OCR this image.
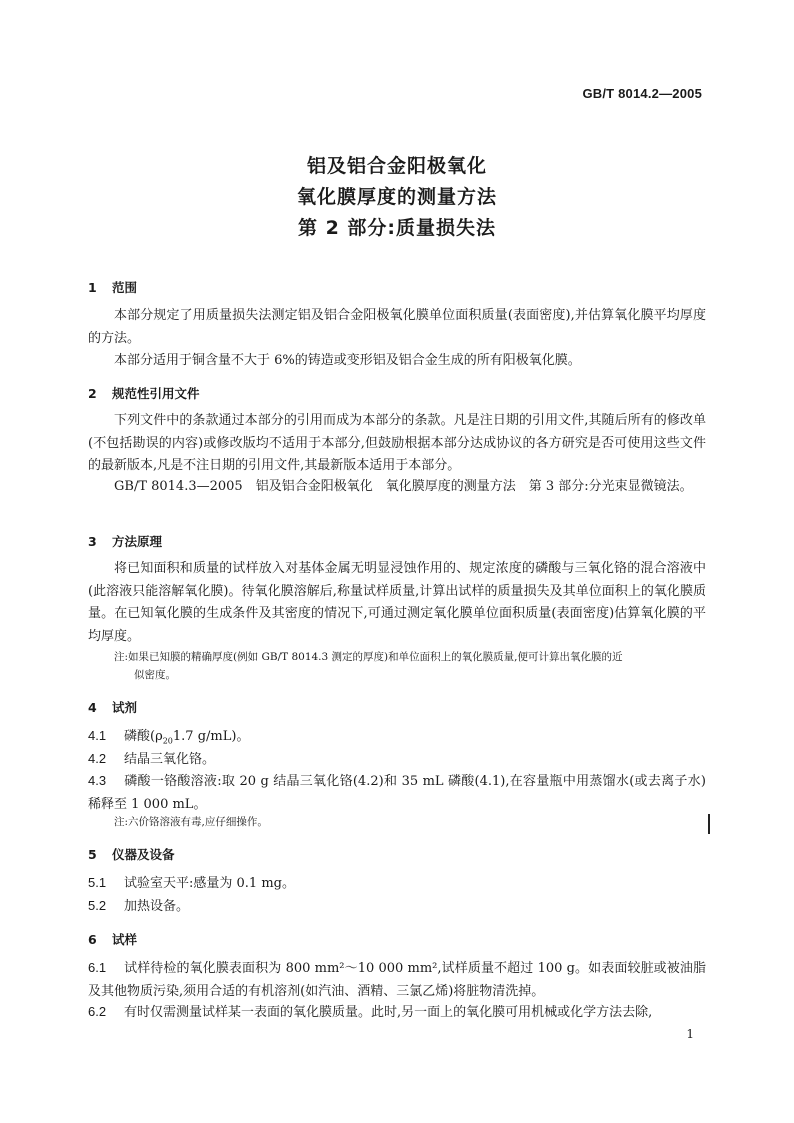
GB/T 8014.2—2005
铝及铝合金阳极氧化
氧化膜厚度的测量方法
第 2 部分:质量损失法
1 范围
本部分规定了用质量损失法测定铝及铝合金阳极氧化膜单位面积质量(表面密度),并估算氧化膜平均厚度的方法。
本部分适用于铜含量不大于 6%的铸造或变形铝及铝合金生成的所有阳极氧化膜。
2 规范性引用文件
下列文件中的条款通过本部分的引用而成为本部分的条款。凡是注日期的引用文件,其随后所有的修改单(不包括勘误的内容)或修改版均不适用于本部分,但鼓励根据本部分达成协议的各方研究是否可使用这些文件的最新版本,凡是不注日期的引用文件,其最新版本适用于本部分。
GB/T 8014.3—2005　铝及铝合金阳极氧化　氧化膜厚度的测量方法　第 3 部分:分光束显微镜法。
3 方法原理
将已知面积和质量的试样放入对基体金属无明显浸蚀作用的、规定浓度的磷酸与三氧化铬的混合溶液中(此溶液只能溶解氧化膜)。待氧化膜溶解后,称量试样质量,计算出试样的质量损失及其单位面积上的氧化膜质量。在已知氧化膜的生成条件及其密度的情况下,可通过测定氧化膜单位面积质量(表面密度)估算氧化膜的平均厚度。
注:如果已知膜的精确厚度(例如 GB/T 8014.3 测定的厚度)和单位面积上的氧化膜质量,便可计算出氧化膜的近
似密度。
4 试剂
4.1 磷酸($\rho_{20}1.7$ g/mL)。
4.2 结晶三氧化铬。
4.3 磷酸一铬酸溶液:取 20 g 结晶三氧化铬(4.2)和 35 mL 磷酸(4.1),在容量瓶中用蒸馏水(或去离子水)稀释至 1 000 mL。
注:六价铬溶液有毒,应仔细操作。
5 仪器及设备
5.1 试验室天平:感量为 0.1 mg。
5.2 加热设备。
6 试样
6.1 试样待检的氧化膜表面积为 800 mm²～10 000 mm²,试样质量不超过 100 g。如表面较脏或被油脂及其他物质污染,须用合适的有机溶剂(如汽油、酒精、三氯乙烯)将脏物清洗掉。
6.2 有时仅需测量试样某一表面的氧化膜质量。此时,另一面上的氧化膜可用机械或化学方法去除,
1
